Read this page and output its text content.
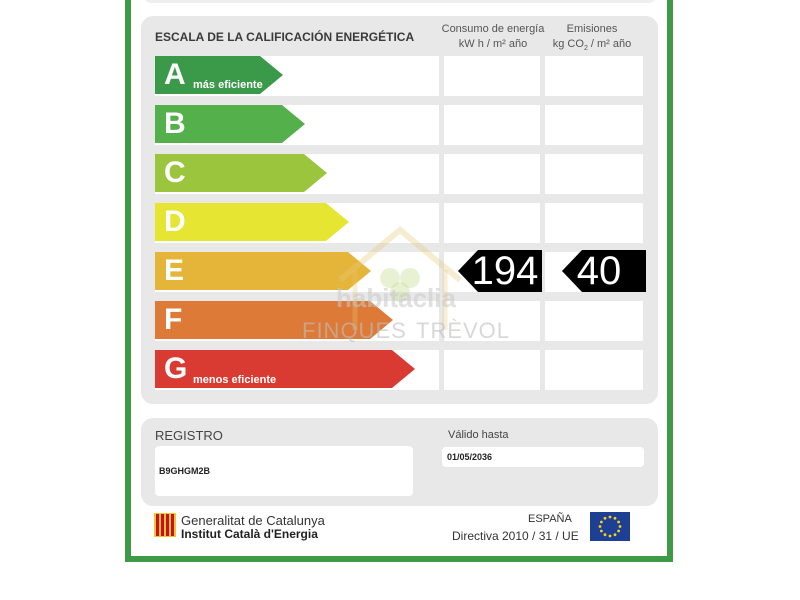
ESCALA DE LA CALIFICACIÓN ENERGÉTICA
Consumo de energía
kW h / m² año
Emisiones
kg $CO_2 / m^2$ año
A más eficiente
B
C
D
E
F
G menos eficiente
habitaclia
FINQUES TRÈVOL
194 40
REGISTRO
B9GHGM2B
Válido hasta
01/05/2036
Generalitat de Catalunya
Institut Català d'Energia
ESPAÑA
Directiva 2010 / 31 / UE
